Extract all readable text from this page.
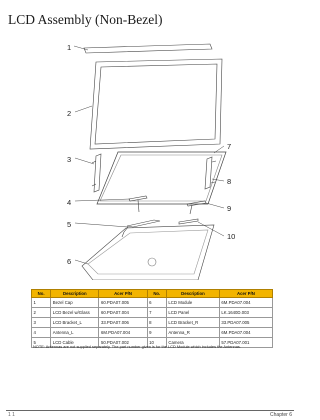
LCD Assembly (Non-Bezel)
1
2
3
4
5
6
7
8
9
10
No.	Description	Acer P/N	No.	Description	Acer P/N
1	Bezel Cap	60.PDA07.005	6	LCD Module	6M.PDA07.004
2	LCD Bezel w/Glass	60.PDA07.004	7	LCD Panel	LK.1640D.003
3	LCD Bracket_L	33.PDA07.006	8	LCD Bracket_R	33.PDA07.005
4	Antenna_L	6M.PDA07.004	9	Antenna_R	6M.PDA07.004
5	LCD Cable	50.PDA07.002	10	Camera	57.PDA07.001
NOTE: Antennas are not supplied separately. The part number given is for the LCD Module which includes the Antennas.
1 1	Chapter 6
